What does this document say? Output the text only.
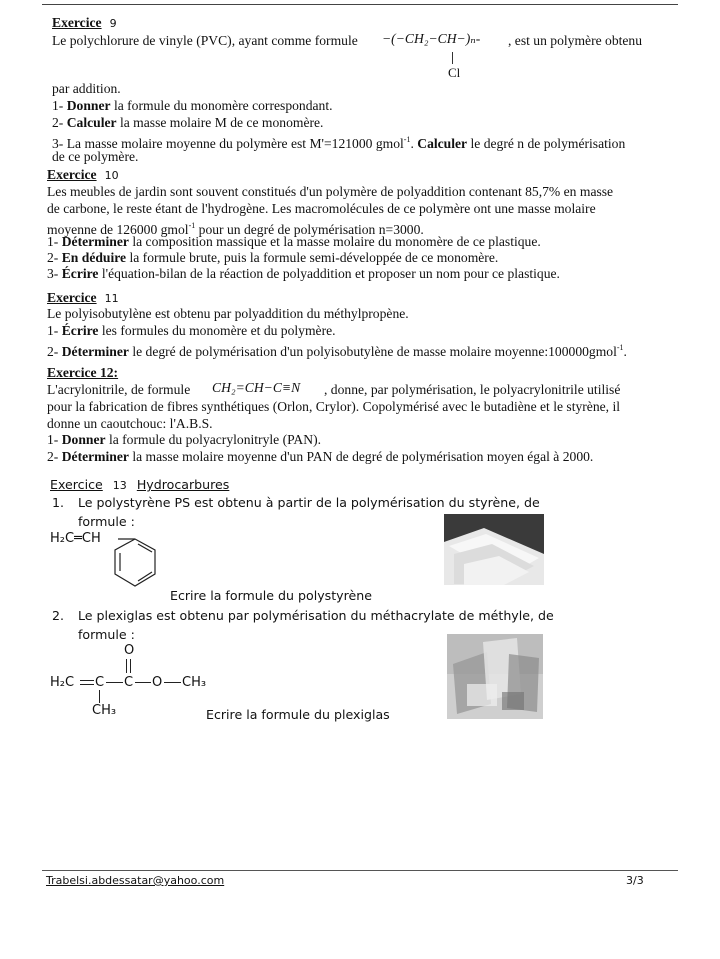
Exercice 9
Le polychlorure de vinyle (PVC), ayant comme formule −(−CH₂−CH−)ₙ-
Cl
, est un polymère obtenu
par addition.
1- Donner la formule du monomère correspondant.
2- Calculer la masse molaire M de ce monomère.
3- La masse molaire moyenne du polymère est M'=121000 gmol$^{-1}$. Calculer le degré n de polymérisation
de ce polymère.
Exercice 10
Les meubles de jardin sont souvent constitués d'un polymère de polyaddition contenant 85,7% en masse
de carbone, le reste étant de l'hydrogène. Les macromolécules de ce polymère ont une masse molaire
moyenne de 126000 gmol$^{-1}$ pour un degré de polymérisation n=3000.
1- Déterminer la composition massique et la masse molaire du monomère de ce plastique.
2- En déduire la formule brute, puis la formule semi-développée de ce monomère.
3- Écrire l'équation-bilan de la réaction de polyaddition et proposer un nom pour ce plastique.
Exercice 11
Le polyisobutylène est obtenu par polyaddition du méthylpropène.
1- Écrire les formules du monomère et du polymère.
2- Déterminer le degré de polymérisation d'un polyisobutylène de masse molaire moyenne:100000gmol$^{-1}$.
Exercice 12:
L'acrylonitrile, de formule CH₂=CH−C≡N , donne, par polymérisation, le polyacrylonitrile utilisé
pour la fabrication de fibres synthétiques (Orlon, Crylor). Copolymérisé avec le butadiène et le styrène, il
donne un caoutchouc: l'A.B.S.
1- Donner la formule du polyacrylonitryle (PAN).
2- Déterminer la masse molaire moyenne d'un PAN de degré de polymérisation moyen égal à 2000.
Exercice 13 Hydrocarbures
1. Le polystyrène PS est obtenu à partir de la polymérisation du styrène, de
formule :
H₂C═CH
Ecrire la formule du polystyrène
2. Le plexiglas est obtenu par polymérisation du méthacrylate de méthyle, de
formule :
O
H₂C C C O CH₃
CH₃	Ecrire la formule du plexiglas
Trabelsi.abdessatar@yahoo.com	3/3
